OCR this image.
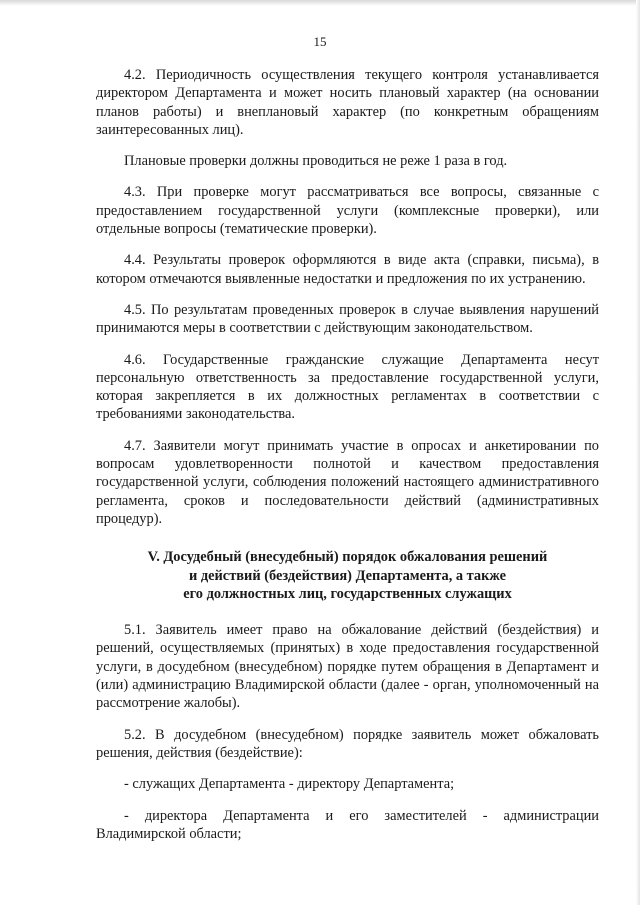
15

4.2. Периодичность осуществления текущего контроля устанавливается директором Департамента и может носить плановый характер (на основании планов работы) и внеплановый характер (по конкретным обращениям заинтересованных лиц).

Плановые проверки должны проводиться не реже 1 раза в год.

4.3. При проверке могут рассматриваться все вопросы, связанные с предоставлением государственной услуги (комплексные проверки), или отдельные вопросы (тематические проверки).

4.4. Результаты проверок оформляются в виде акта (справки, письма), в котором отмечаются выявленные недостатки и предложения по их устранению.

4.5. По результатам проведенных проверок в случае выявления нарушений принимаются меры в соответствии с действующим законодательством.

4.6. Государственные гражданские служащие Департамента несут персональную ответственность за предоставление государственной услуги, которая закрепляется в их должностных регламентах в соответствии с требованиями законодательства.

4.7. Заявители могут принимать участие в опросах и анкетировании по вопросам удовлетворенности полнотой и качеством предоставления государственной услуги, соблюдения положений настоящего административного регламента, сроков и последовательности действий (административных процедур).

V. Досудебный (внесудебный) порядок обжалования решений
и действий (бездействия) Департамента, а также
его должностных лиц, государственных служащих

5.1. Заявитель имеет право на обжалование действий (бездействия) и решений, осуществляемых (принятых) в ходе предоставления государственной услуги, в досудебном (внесудебном) порядке путем обращения в Департамент и (или) администрацию Владимирской области (далее - орган, уполномоченный на рассмотрение жалобы).

5.2. В досудебном (внесудебном) порядке заявитель может обжаловать решения, действия (бездействие):

- служащих Департамента - директору Департамента;

- директора Департамента и его заместителей - администрации Владимирской области;
